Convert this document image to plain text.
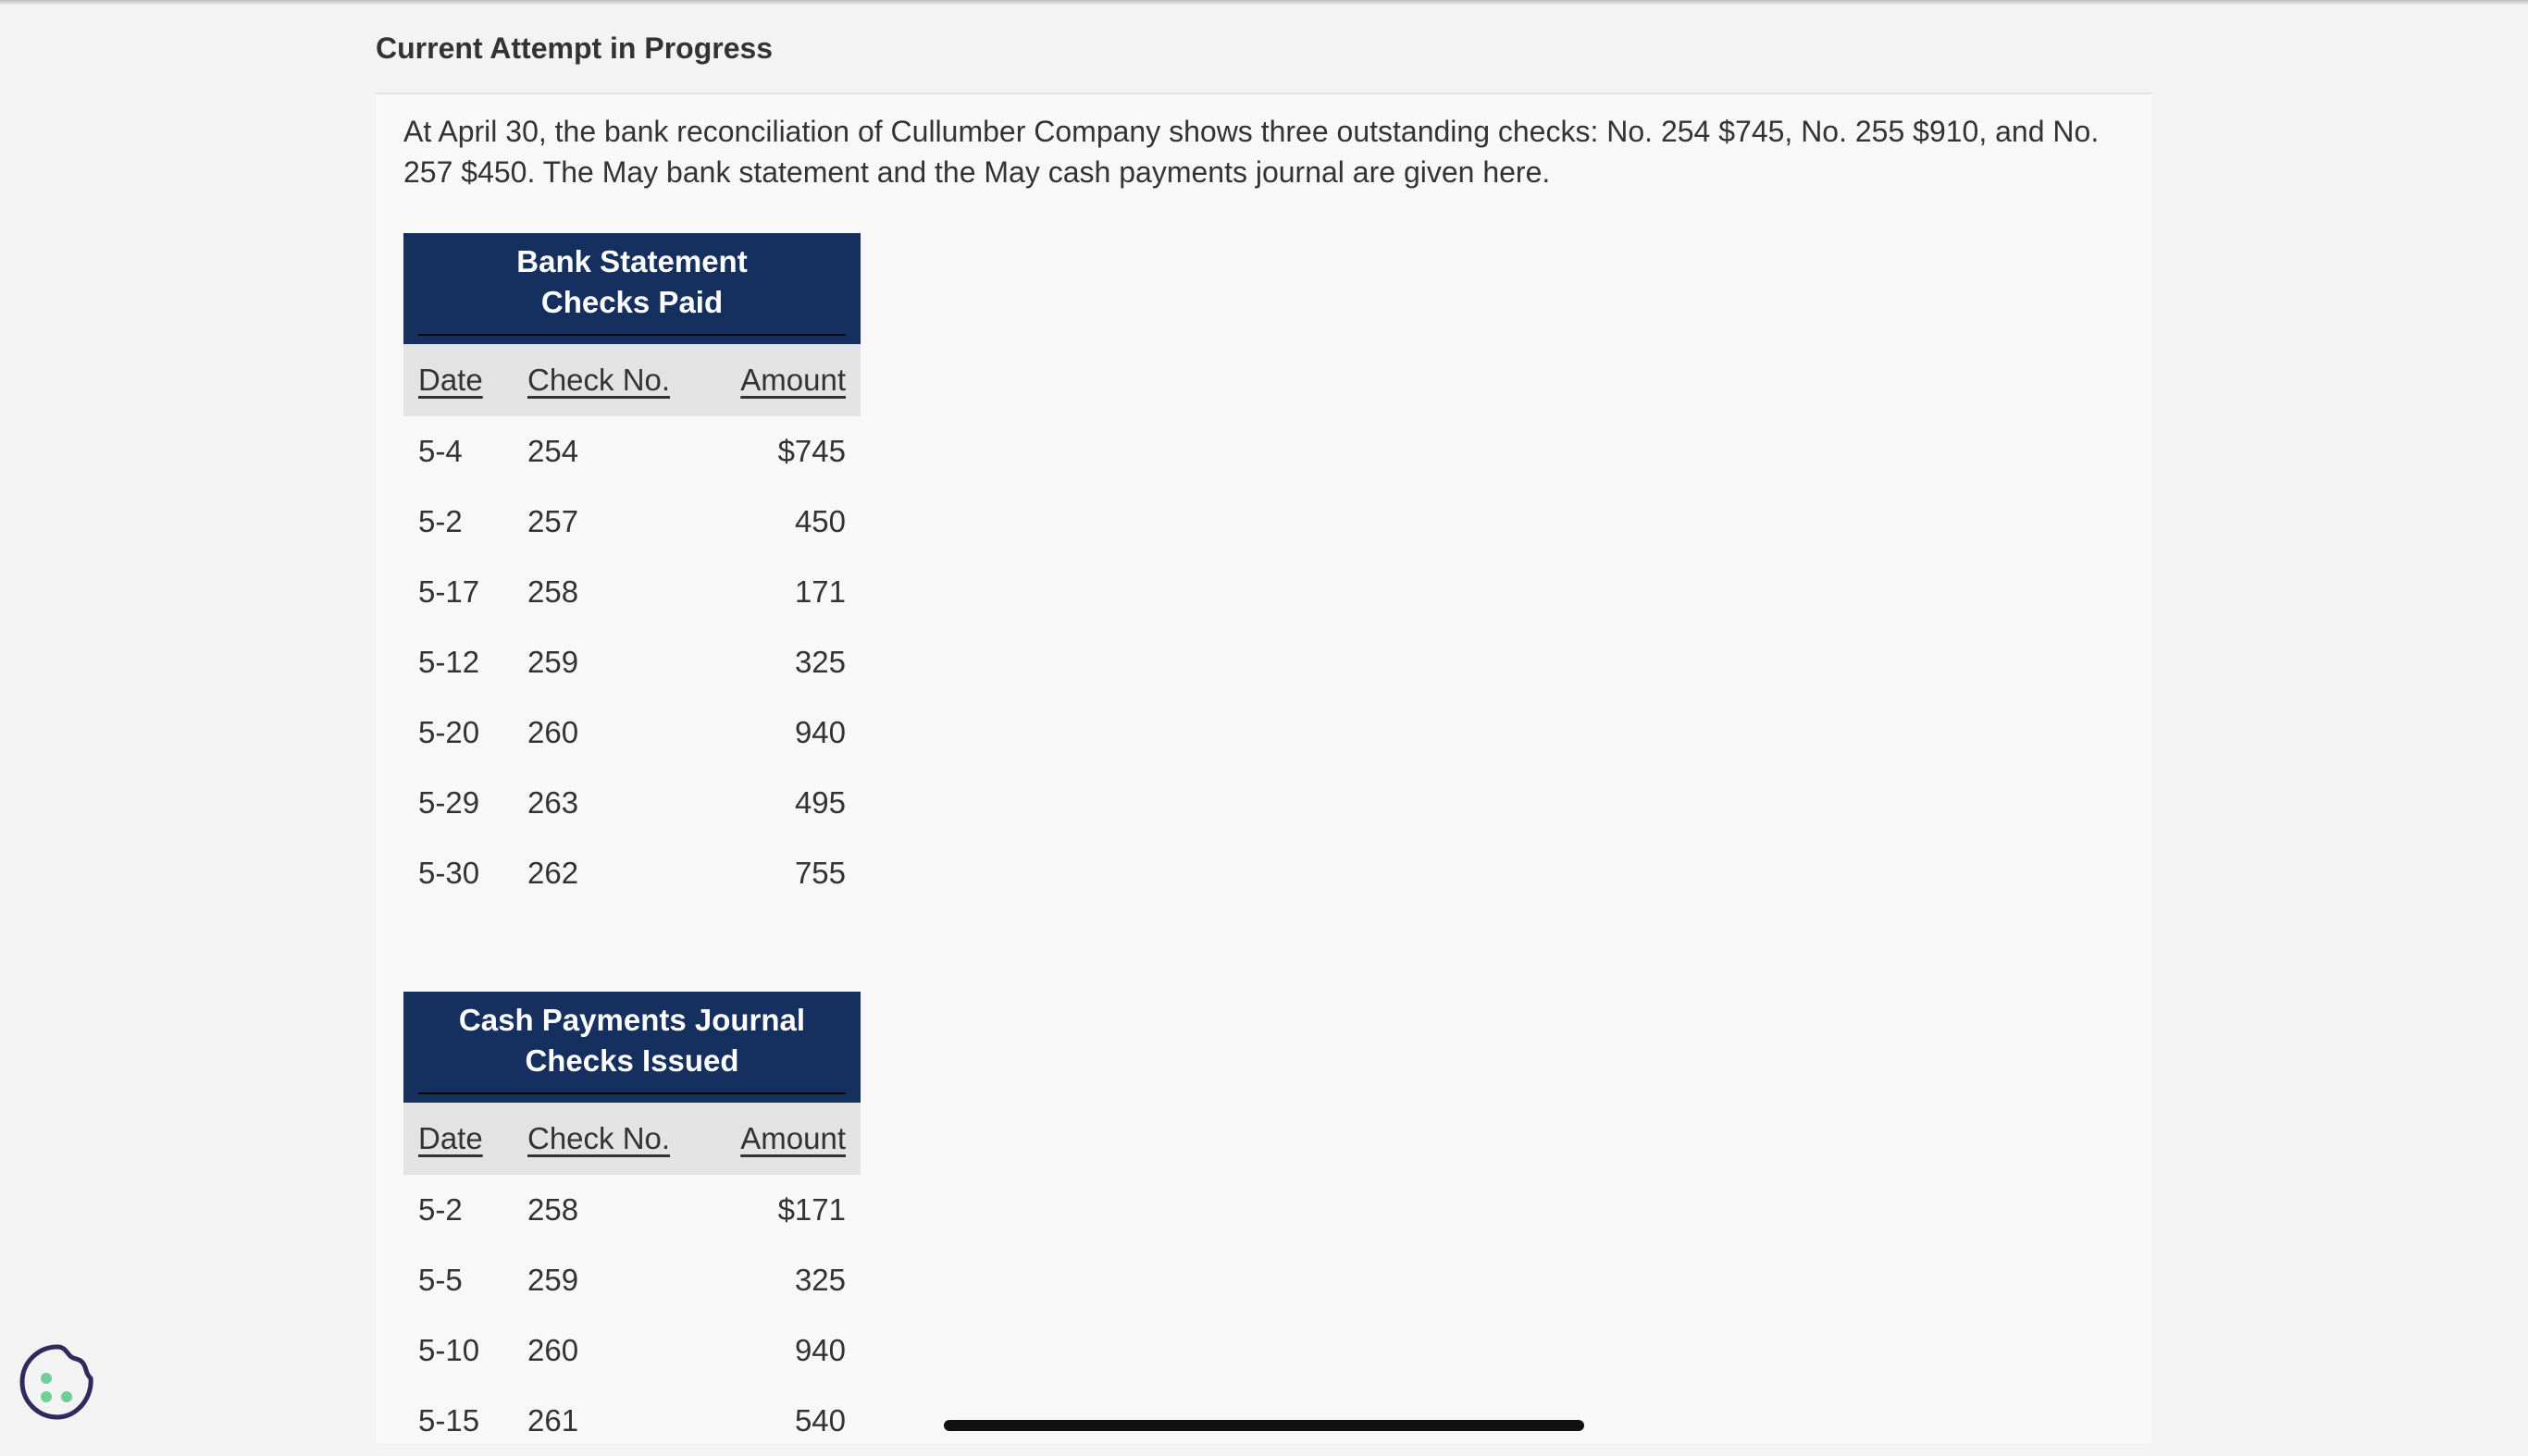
Current Attempt in Progress
At April 30, the bank reconciliation of Cullumber Company shows three outstanding checks: No. 254 $745, No. 255 $910, and No. 257 $450. The May bank statement and the May cash payments journal are given here.
Bank Statement
Checks Paid		

Date	Check No.	Amount
5-4	254	$745
5-2	257	450
5-17	258	171
5-12	259	325
5-20	260	940
5-29	263	495
5-30	262	755
Cash Payments Journal
Checks Issued		

Date	Check No.	Amount
5-2	258	$171
5-5	259	325
5-10	260	940
5-15	261	540
